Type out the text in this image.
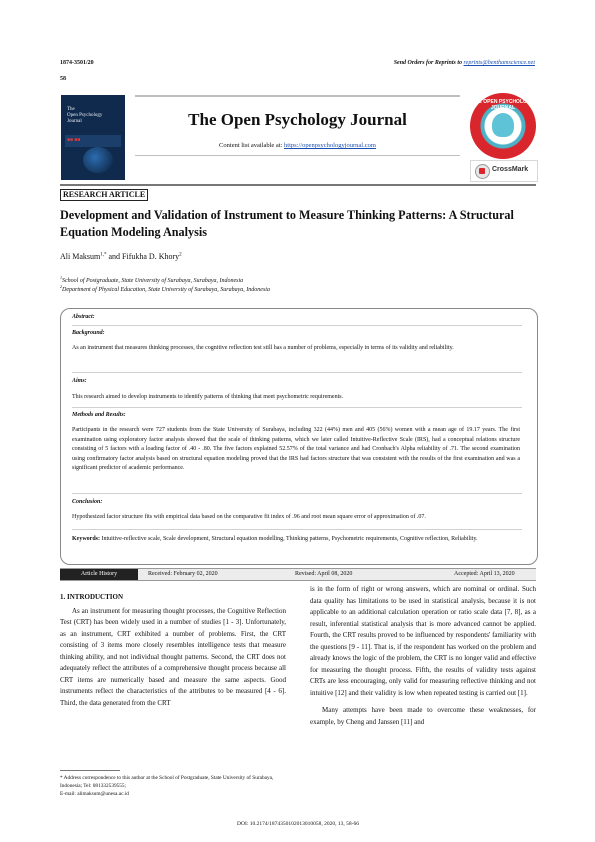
1874-3501/20	Send Orders for Reprints to reprints@benthamscience.net
58
The
Open Psychology
Journal
■■ ■■
The Open Psychology Journal
Content list available at: https://openpsychologyjournal.com
THE OPEN PSYCHOLOGY JOURNAL
CrossMark
RESEARCH ARTICLE
Development and Validation of Instrument to Measure Thinking Patterns: A Structural Equation Modeling Analysis
Ali Maksum$^{1,*}$ and Fifukha D. Khory$^2$
$^1$School of Postgraduate, State University of Surabaya, Surabaya, Indonesia
$^2$Department of Physical Education, State University of Surabaya, Surabaya, Indonesia
Abstract:
Background:
As an instrument that measures thinking processes, the cognitive reflection test still has a number of problems, especially in terms of its validity and reliability.
Aims:
This research aimed to develop instruments to identify patterns of thinking that meet psychometric requirements.
Methods and Results:
Participants in the research were 727 students from the State University of Surabaya, including 322 (44%) men and 405 (56%) women with a mean age of 19.17 years. The first examination using exploratory factor analysis showed that the scale of thinking patterns, which we later called Intuitive-Reflective Scale (IRS), had a conceptual relations structure consisting of 5 factors with a loading factor of .40 - .80. The five factors explained 52.57% of the total variance and had Cronbach's Alpha reliability of .71. The second examination using confirmatory factor analysis based on structural equation modeling proved that the IRS had factors structure that was consistent with the results of the first examination and was a significant predictor of academic performance.
Conclusion:
Hypothesized factor structure fits with empirical data based on the comparative fit index of .96 and root mean square error of approximation of .07.
Keywords: Intuitive-reflective scale, Scale development, Structural equation modelling, Thinking patterns, Psychometric requirements, Cognitive reflection, Reliability.
Article History	Received: February 02, 2020	Revised: April 08, 2020	Accepted: April 13, 2020
1. INTRODUCTION

As an instrument for measuring thought processes, the Cognitive Reflection Test (CRT) has been widely used in a number of studies [1 - 3]. Unfortunately, as an instrument, CRT exhibited a number of problems. First, the CRT consisting of 3 items more closely resembles intelligence tests that measure thinking ability, and not individual thought patterns. Second, the CRT does not adequately reflect the attributes of a comprehensive thought process because all CRT items are numerically based and measure the same aspects. Good instruments reflect the characteristics of the attributes to be measured [4 - 6]. Third, the data generated from the CRT

is in the form of right or wrong answers, which are nominal or ordinal. Such data quality has limitations to be used in statistical analysis, because it is not applicable to an additional calculation operation or ratio scale data [7, 8], as a result, inferential statistical analysis that is more advanced cannot be applied. Fourth, the CRT results proved to be influenced by respondents' familiarity with the questions [9 - 11]. That is, if the respondent has worked on the problem and already knows the logic of the problem, the CRT is no longer valid and effective for measuring the thought process. Fifth, the results of validity tests against CRTs are less encouraging, only valid for measuring reflective thinking and not intuitive [12] and their validity is low when repeated testing is carried out [1].

Many attempts have been made to overcome these weaknesses, for example, by Cheng and Janssen [11] and

* Address correspondence to this author at the School of Postgraduate, State University of Surabaya, Indonesia; Tel: 081332539555;
E-mail: alimaksum@unesa.ac.id
DOI: 10.2174/1874350102013010058, 2020, 13, 58-66
